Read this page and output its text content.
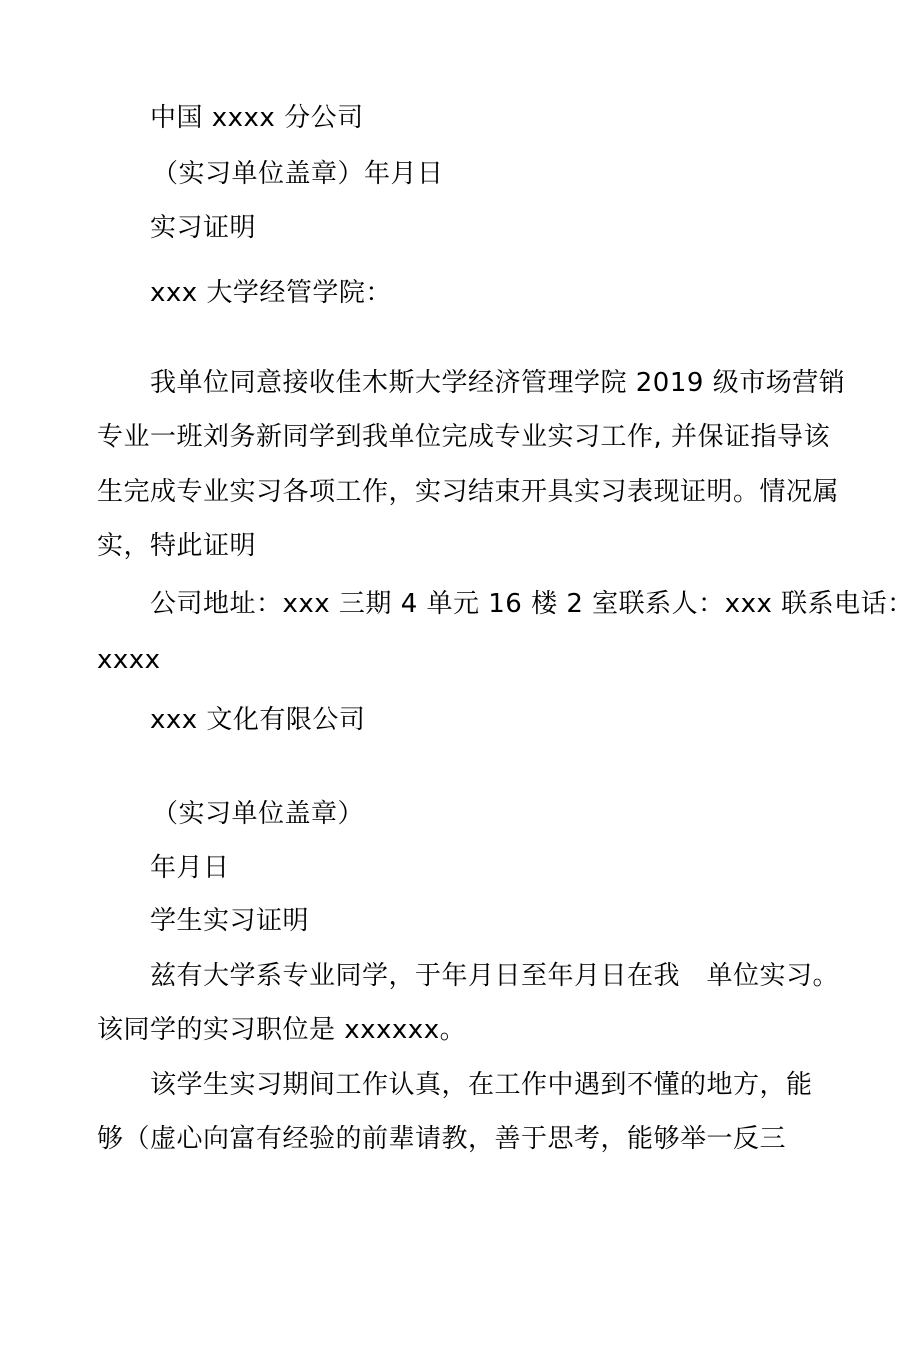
中国 xxxx 分公司
（实习单位盖章）年月日
实习证明
xxx 大学经管学院：
我单位同意接收佳木斯大学经济管理学院 2019 级市场营销
专业一班刘务新同学到我单位完成专业实习工作, 并保证指导该
生完成专业实习各项工作，实习结束开具实习表现证明。情况属
实，特此证明
公司地址：xxx 三期 4 单元 16 楼 2 室联系人：xxx 联系电话：
xxxx
xxx 文化有限公司
（实习单位盖章）
年月日
学生实习证明
兹有大学系专业同学，于年月日至年月日在我　单位实习。
该同学的实习职位是 xxxxxx。
该学生实习期间工作认真，在工作中遇到不懂的地方，能
够（虚心向富有经验的前辈请教，善于思考，能够举一反三
